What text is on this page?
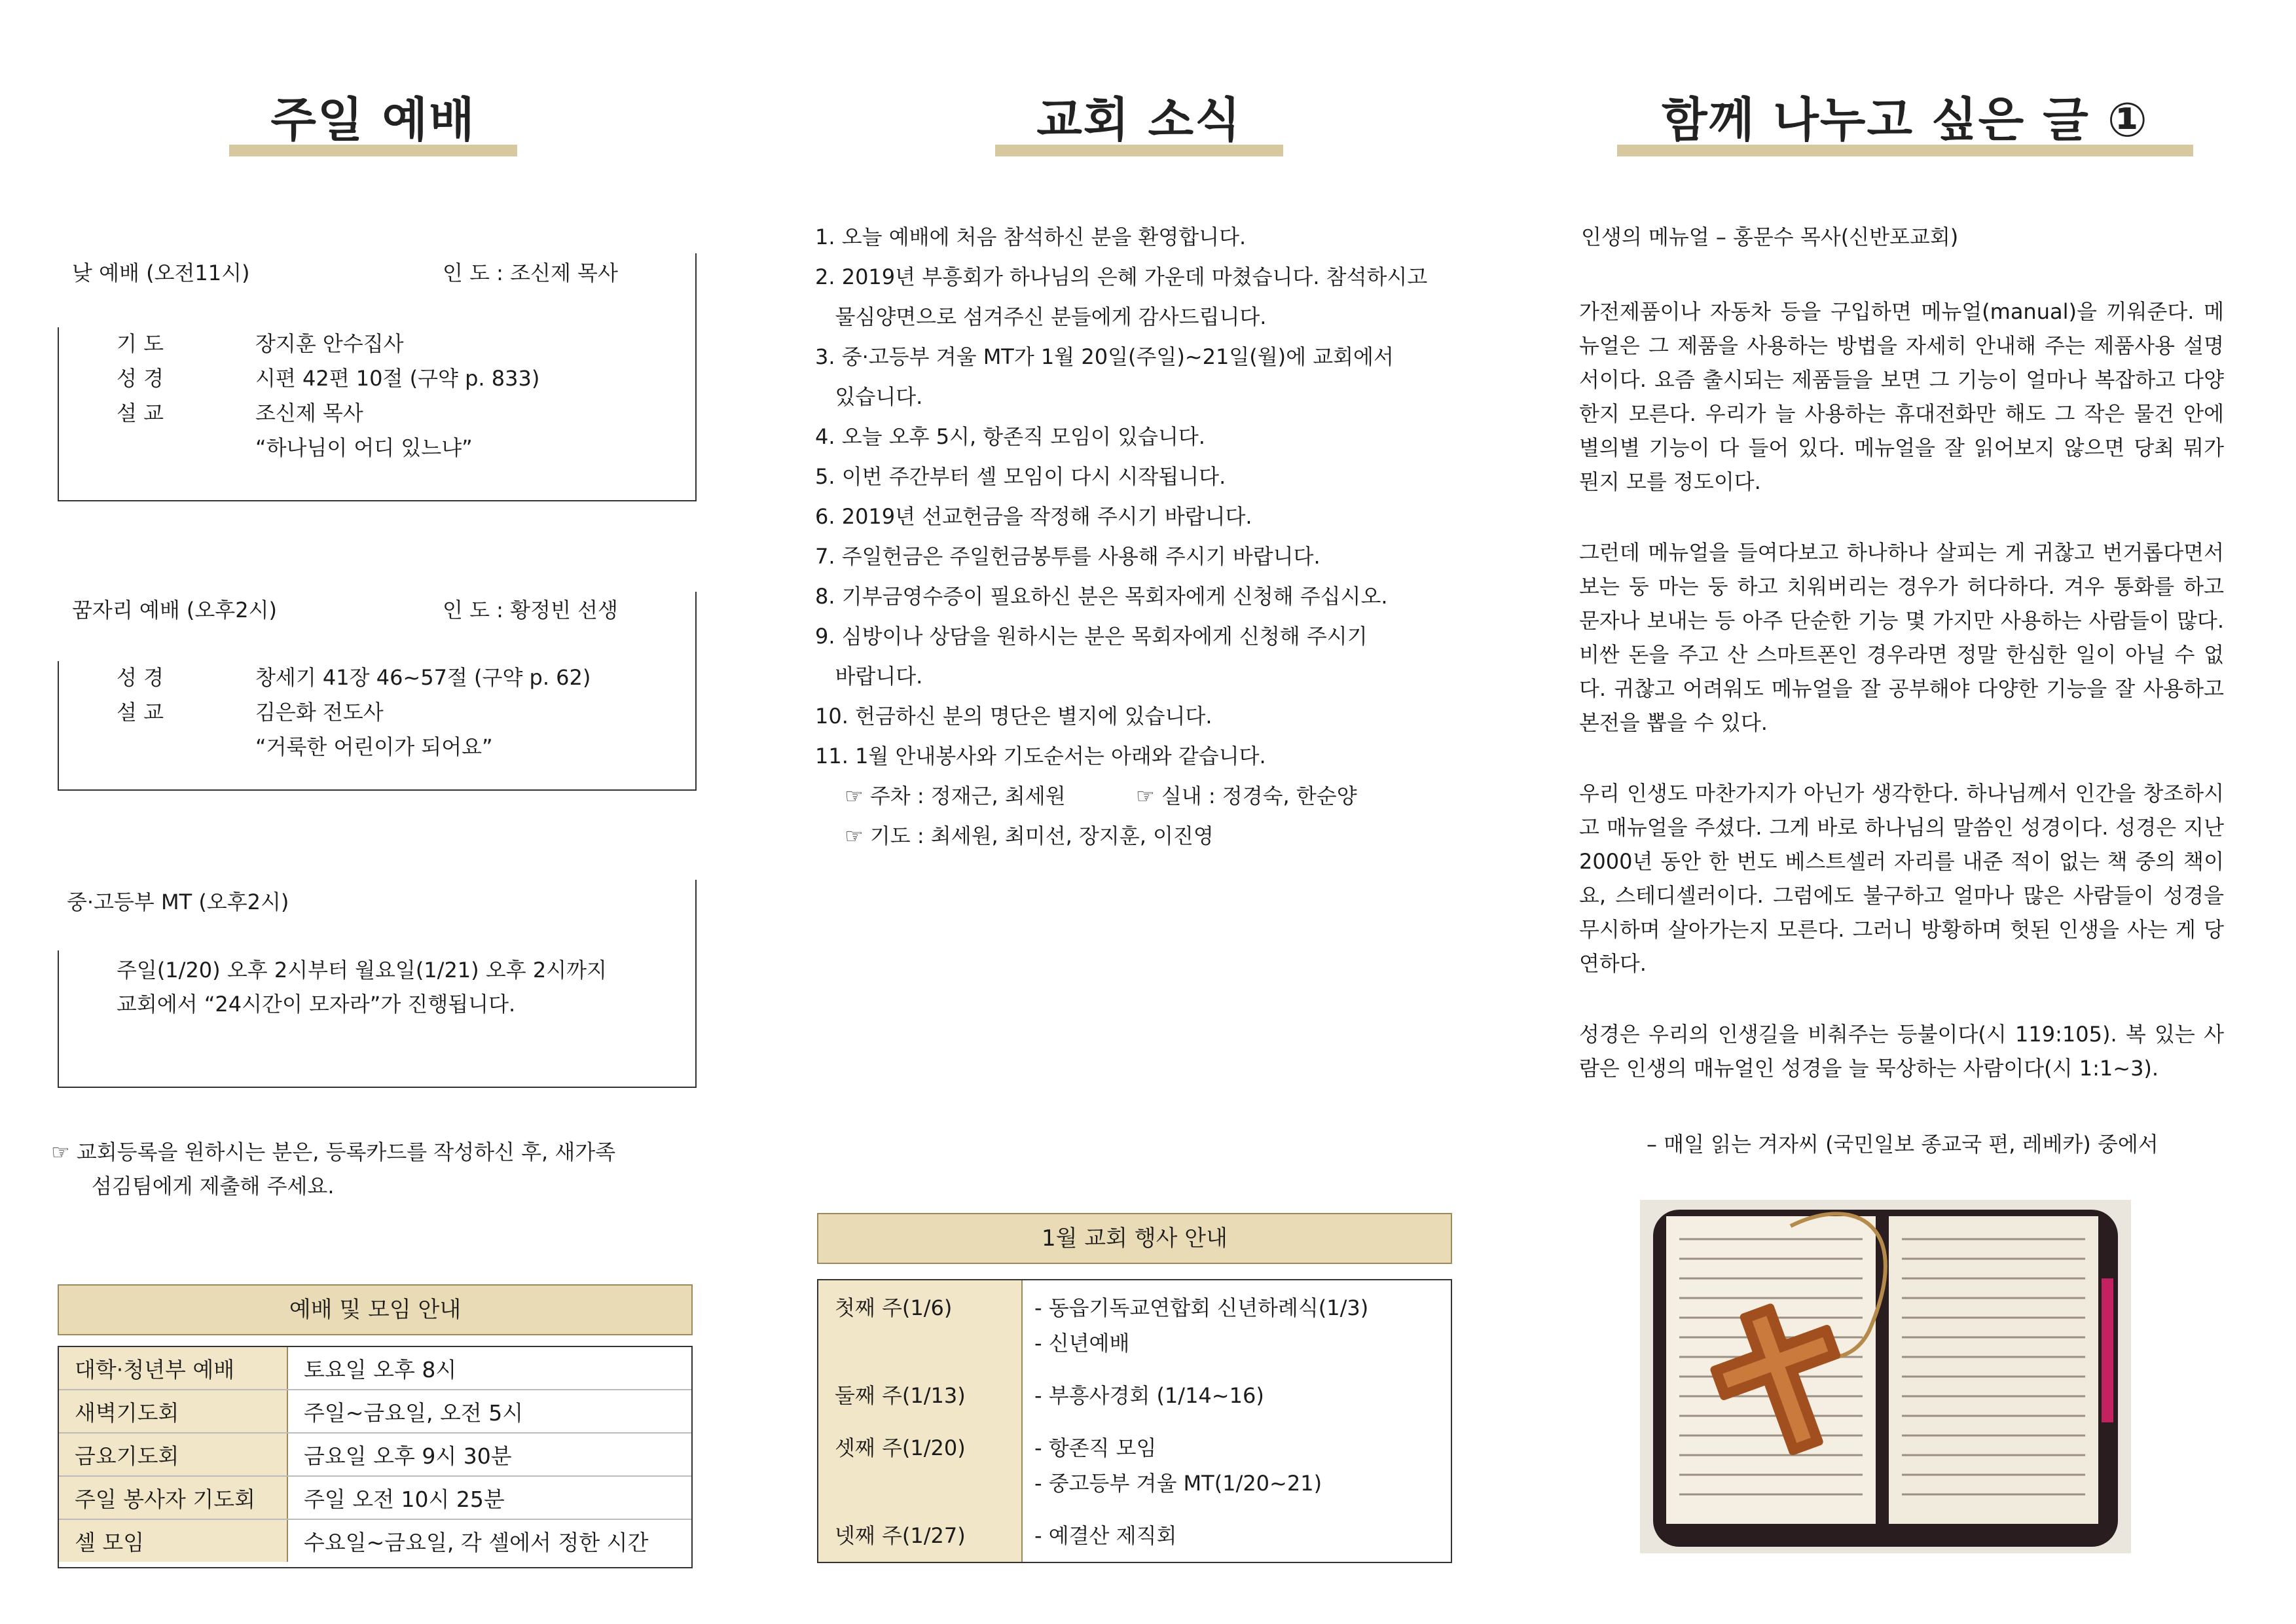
주일 예배
낮 예배 (오전11시)	인 도 : 조신제 목사
기 도	장지훈 안수집사
성 경	시편 42편 10절 (구약 p. 833)
설 교	조신제 목사
“하나님이 어디 있느냐”
꿈자리 예배 (오후2시)	인 도 : 황정빈 선생
성 경	창세기 41장 46~57절 (구약 p. 62)
설 교	김은화 전도사
“거룩한 어린이가 되어요”
중·고등부 MT (오후2시)
주일(1/20) 오후 2시부터 월요일(1/21) 오후 2시까지
교회에서 “24시간이 모자라”가 진행됩니다.
☞ 교회등록을 원하시는 분은, 등록카드를 작성하신 후, 새가족
섬김팀에게 제출해 주세요.
예배 및 모임 안내
대학·청년부 예배	토요일 오후 8시
새벽기도회	주일~금요일, 오전 5시
금요기도회	금요일 오후 9시 30분
주일 봉사자 기도회	주일 오전 10시 25분
셀 모임	수요일~금요일, 각 셀에서 정한 시간
교회 소식
1. 오늘 예배에 처음 참석하신 분을 환영합니다.
2. 2019년 부흥회가 하나님의 은혜 가운데 마쳤습니다. 참석하시고
물심양면으로 섬겨주신 분들에게 감사드립니다.
3. 중·고등부 겨울 MT가 1월 20일(주일)~21일(월)에 교회에서
있습니다.
4. 오늘 오후 5시, 항존직 모임이 있습니다.
5. 이번 주간부터 셀 모임이 다시 시작됩니다.
6. 2019년 선교헌금을 작정해 주시기 바랍니다.
7. 주일헌금은 주일헌금봉투를 사용해 주시기 바랍니다.
8. 기부금영수증이 필요하신 분은 목회자에게 신청해 주십시오.
9. 심방이나 상담을 원하시는 분은 목회자에게 신청해 주시기
바랍니다.
10. 헌금하신 분의 명단은 별지에 있습니다.
11. 1월 안내봉사와 기도순서는 아래와 같습니다.
☞ 주차 : 정재근, 최세원	☞ 실내 : 정경숙, 한순양
☞ 기도 : 최세원, 최미선, 장지훈, 이진영
1월 교회 행사 안내
첫째 주(1/6)	- 동읍기독교연합회 신년하례식(1/3)
- 신년예배
둘째 주(1/13)	- 부흥사경회 (1/14~16)
셋째 주(1/20)	- 항존직 모임
- 중고등부 겨울 MT(1/20~21)
넷째 주(1/27)	- 예결산 제직회
함께 나누고 싶은 글 ①
인생의 메뉴얼 – 홍문수 목사(신반포교회)
가전제품이나 자동차 등을 구입하면 메뉴얼(manual)을 끼워준다. 메뉴얼은 그 제품을 사용하는 방법을 자세히 안내해 주는 제품사용 설명서이다. 요즘 출시되는 제품들을 보면 그 기능이 얼마나 복잡하고 다양한지 모른다. 우리가 늘 사용하는 휴대전화만 해도 그 작은 물건 안에 별의별 기능이 다 들어 있다. 메뉴얼을 잘 읽어보지 않으면 당최 뭐가 뭔지 모를 정도이다.
그런데 메뉴얼을 들여다보고 하나하나 살피는 게 귀찮고 번거롭다면서 보는 둥 마는 둥 하고 치워버리는 경우가 허다하다. 겨우 통화를 하고 문자나 보내는 등 아주 단순한 기능 몇 가지만 사용하는 사람들이 많다. 비싼 돈을 주고 산 스마트폰인 경우라면 정말 한심한 일이 아닐 수 없다. 귀찮고 어려워도 메뉴얼을 잘 공부해야 다양한 기능을 잘 사용하고 본전을 뽑을 수 있다.
우리 인생도 마찬가지가 아닌가 생각한다. 하나님께서 인간을 창조하시고 매뉴얼을 주셨다. 그게 바로 하나님의 말씀인 성경이다. 성경은 지난 2000년 동안 한 번도 베스트셀러 자리를 내준 적이 없는 책 중의 책이요, 스테디셀러이다. 그럼에도 불구하고 얼마나 많은 사람들이 성경을 무시하며 살아가는지 모른다. 그러니 방황하며 헛된 인생을 사는 게 당연하다.
성경은 우리의 인생길을 비춰주는 등불이다(시 119:105). 복 있는 사람은 인생의 매뉴얼인 성경을 늘 묵상하는 사람이다(시 1:1~3).
– 매일 읽는 겨자씨 (국민일보 종교국 편, 레베카) 중에서
